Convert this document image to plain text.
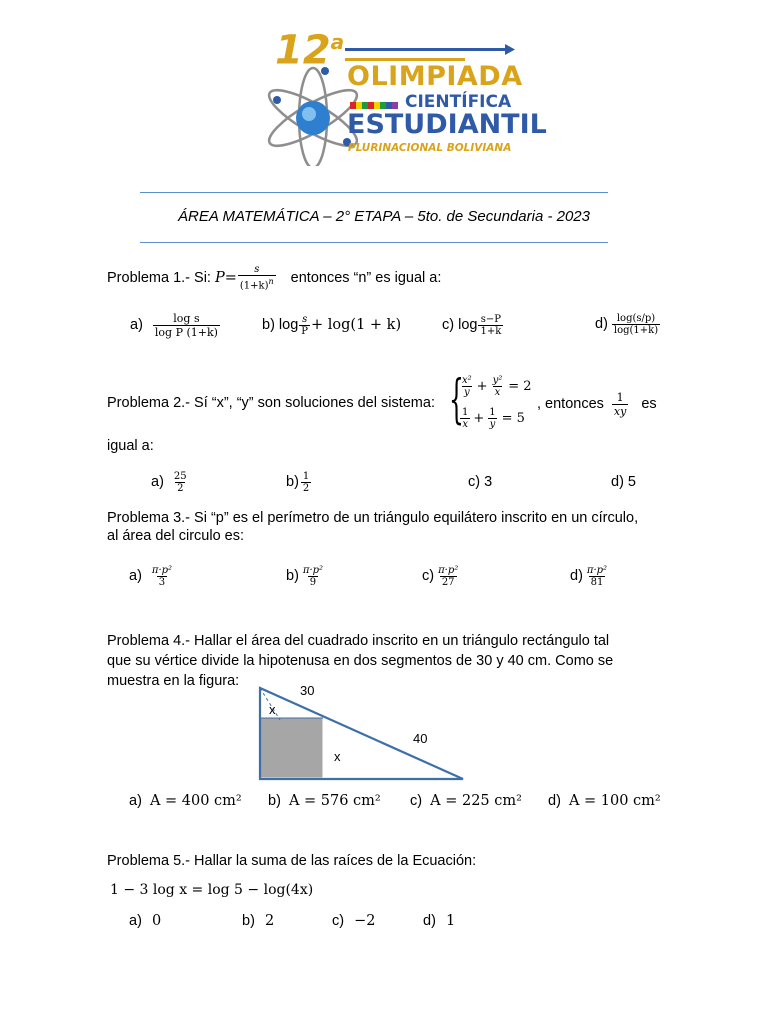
12$^a$
OLIMPIADA
CIENTÍFICA
ESTUDIANTIL
PLURINACIONAL BOLIVIANA
ÁREA MATEMÁTICA – 2° ETAPA – 5to. de Secundaria - 2023
Problema 1.- Si: $P = \frac{s}{(1+k)^n}$ entonces “n” es igual a:
$a) \frac{\text{log s}}{\text{log P (1+k)}}$	b) $\log \frac{s}{P} + \log(1 + k)$	c) $\log \frac{s-P}{1+k}$	$d) \frac{\log(s/p)}{\log(1+k)}$
Problema 2.- Sí “x”, “y” son soluciones del sistema: {
$\frac{\text{x²}}{y} + \frac{\text{y²}}{x} = 2$
$\frac{1}{x} + \frac{1}{y} = 5$
, entonces $\frac{1}{xy}$ es
igual a:
$a) \frac{25}{2}$	$b) \frac{1}{2}$	c) 3	d) 5
Problema 3.- Si “p” es el perímetro de un triángulo equilátero inscrito en un círculo,
al área del circulo es:
$a) \frac{\text{π·p²}}{3}$	$b) \frac{\text{π·p²}}{9}$	$c) \frac{\text{π·p²}}{27}$	$d) \frac{\text{π·p²}}{81}$
Problema 4.- Hallar el área del cuadrado inscrito en un triángulo rectángulo tal
que su vértice divide la hipotenusa en dos segmentos de 30 y 40 cm. Como se
muestra en la figura:
30
40
x
x
a) A = 400 cm² b) A = 576 cm² c) A = 225 cm² d) A = 100 cm²
Problema 5.- Hallar la suma de las raíces de la Ecuación:
1 − 3 log x = log 5 − log(4x)
a) 0	b) 2	c) −2	d) 1
